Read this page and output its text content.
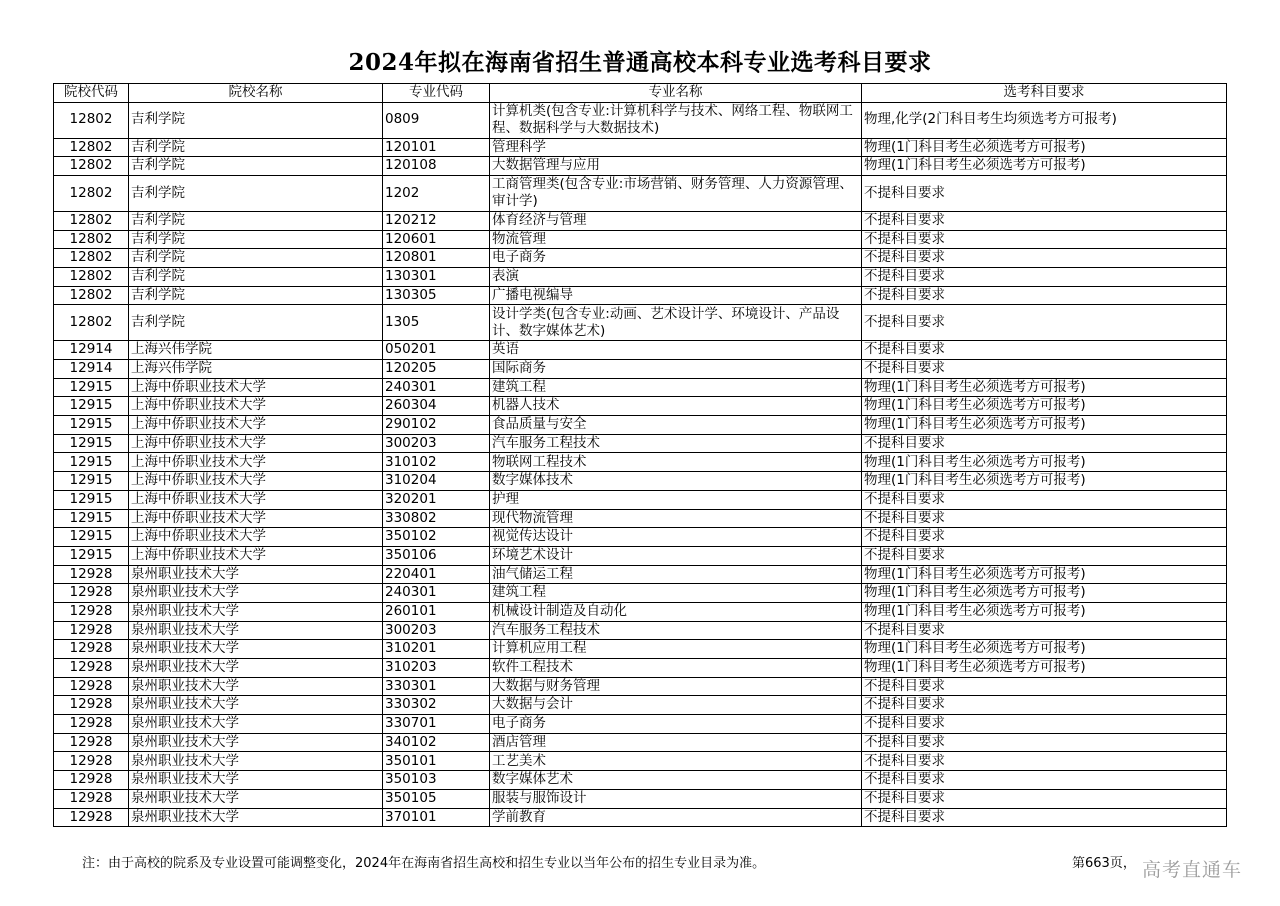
2024年拟在海南省招生普通高校本科专业选考科目要求
院校代码	院校名称	专业代码	专业名称	选考科目要求
12802	吉利学院	0809	计算机类(包含专业:计算机科学与技术、网络工程、物联网工程、数据科学与大数据技术)	物理,化学(2门科目考生均须选考方可报考)
12802	吉利学院	120101	管理科学	物理(1门科目考生必须选考方可报考)
12802	吉利学院	120108	大数据管理与应用	物理(1门科目考生必须选考方可报考)
12802	吉利学院	1202	工商管理类(包含专业:市场营销、财务管理、人力资源管理、审计学)	不提科目要求
12802	吉利学院	120212	体育经济与管理	不提科目要求
12802	吉利学院	120601	物流管理	不提科目要求
12802	吉利学院	120801	电子商务	不提科目要求
12802	吉利学院	130301	表演	不提科目要求
12802	吉利学院	130305	广播电视编导	不提科目要求
12802	吉利学院	1305	设计学类(包含专业:动画、艺术设计学、环境设计、产品设计、数字媒体艺术)	不提科目要求
12914	上海兴伟学院	050201	英语	不提科目要求
12914	上海兴伟学院	120205	国际商务	不提科目要求
12915	上海中侨职业技术大学	240301	建筑工程	物理(1门科目考生必须选考方可报考)
12915	上海中侨职业技术大学	260304	机器人技术	物理(1门科目考生必须选考方可报考)
12915	上海中侨职业技术大学	290102	食品质量与安全	物理(1门科目考生必须选考方可报考)
12915	上海中侨职业技术大学	300203	汽车服务工程技术	不提科目要求
12915	上海中侨职业技术大学	310102	物联网工程技术	物理(1门科目考生必须选考方可报考)
12915	上海中侨职业技术大学	310204	数字媒体技术	物理(1门科目考生必须选考方可报考)
12915	上海中侨职业技术大学	320201	护理	不提科目要求
12915	上海中侨职业技术大学	330802	现代物流管理	不提科目要求
12915	上海中侨职业技术大学	350102	视觉传达设计	不提科目要求
12915	上海中侨职业技术大学	350106	环境艺术设计	不提科目要求
12928	泉州职业技术大学	220401	油气储运工程	物理(1门科目考生必须选考方可报考)
12928	泉州职业技术大学	240301	建筑工程	物理(1门科目考生必须选考方可报考)
12928	泉州职业技术大学	260101	机械设计制造及自动化	物理(1门科目考生必须选考方可报考)
12928	泉州职业技术大学	300203	汽车服务工程技术	不提科目要求
12928	泉州职业技术大学	310201	计算机应用工程	物理(1门科目考生必须选考方可报考)
12928	泉州职业技术大学	310203	软件工程技术	物理(1门科目考生必须选考方可报考)
12928	泉州职业技术大学	330301	大数据与财务管理	不提科目要求
12928	泉州职业技术大学	330302	大数据与会计	不提科目要求
12928	泉州职业技术大学	330701	电子商务	不提科目要求
12928	泉州职业技术大学	340102	酒店管理	不提科目要求
12928	泉州职业技术大学	350101	工艺美术	不提科目要求
12928	泉州职业技术大学	350103	数字媒体艺术	不提科目要求
12928	泉州职业技术大学	350105	服装与服饰设计	不提科目要求
12928	泉州职业技术大学	370101	学前教育	不提科目要求
注：由于高校的院系及专业设置可能调整变化，2024年在海南省招生高校和招生专业以当年公布的招生专业目录为准。	第663页， 高考直通车
